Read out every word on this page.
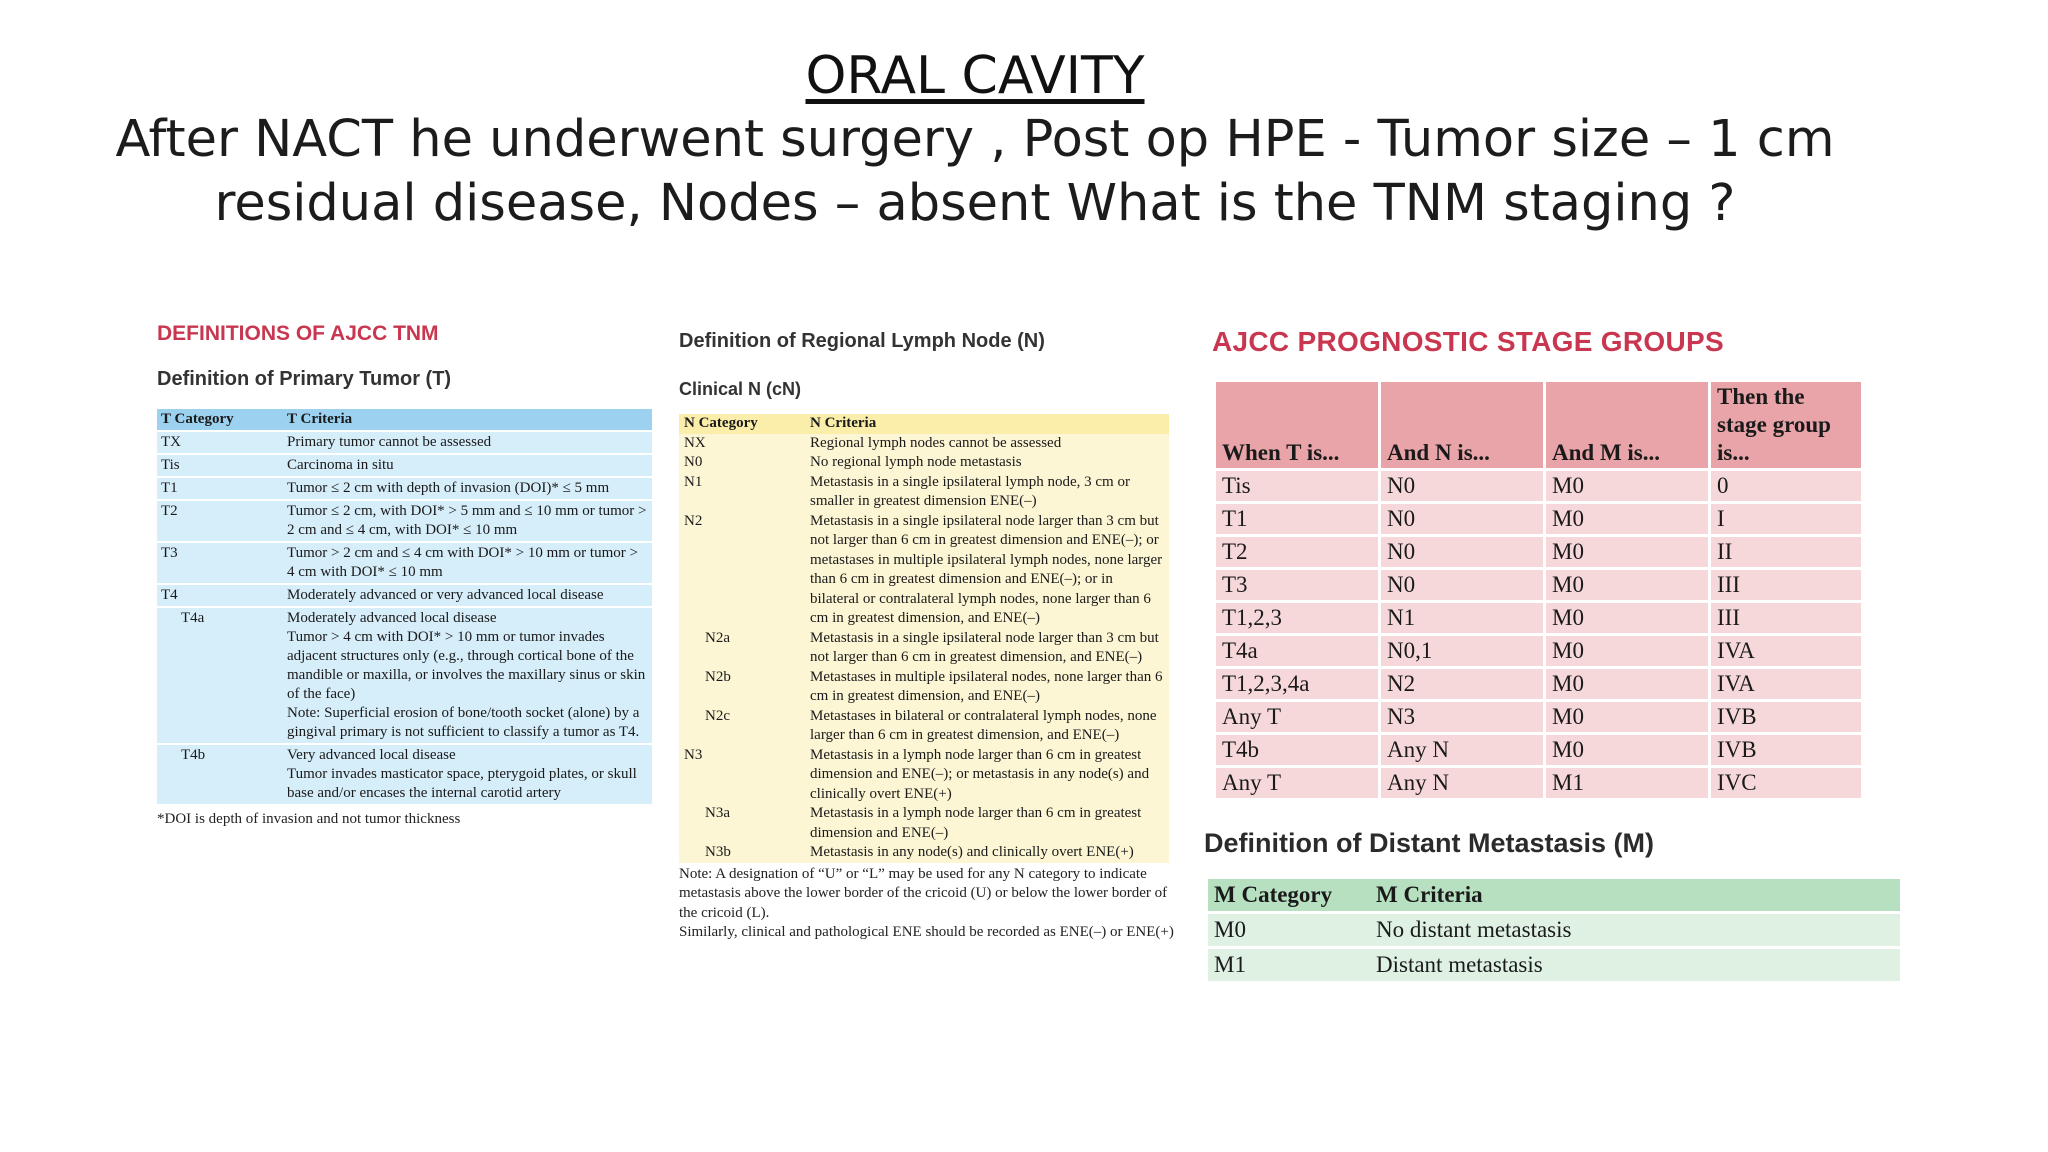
ORAL CAVITY
After NACT he underwent surgery , Post op HPE - Tumor size – 1 cm residual disease, Nodes – absent What is the TNM staging ?
DEFINITIONS OF AJCC TNM
Definition of Primary Tumor (T)
T Category	T Criteria
TX	Primary tumor cannot be assessed
Tis	Carcinoma in situ
T1	Tumor ≤ 2 cm with depth of invasion (DOI)* ≤ 5 mm
T2	Tumor ≤ 2 cm, with DOI* > 5 mm and ≤ 10 mm or tumor > 2 cm and ≤ 4 cm, with DOI* ≤ 10 mm
T3	Tumor > 2 cm and ≤ 4 cm with DOI* > 10 mm or tumor > 4 cm with DOI* ≤ 10 mm
T4	Moderately advanced or very advanced local disease
T4a	Moderately advanced local disease
Tumor > 4 cm with DOI* > 10 mm or tumor invades adjacent structures only (e.g., through cortical bone of the mandible or maxilla, or involves the maxillary sinus or skin of the face)
Note: Superficial erosion of bone/tooth socket (alone) by a gingival primary is not sufficient to classify a tumor as T4.
T4b	Very advanced local disease
Tumor invades masticator space, pterygoid plates, or skull base and/or encases the internal carotid artery
*DOI is depth of invasion and not tumor thickness
Definition of Regional Lymph Node (N)
Clinical N (cN)
N Category	N Criteria
NX	Regional lymph nodes cannot be assessed
N0	No regional lymph node metastasis
N1	Metastasis in a single ipsilateral lymph node, 3 cm or smaller in greatest dimension ENE(–)
N2	Metastasis in a single ipsilateral node larger than 3 cm but not larger than 6 cm in greatest dimension and ENE(–); or metastases in multiple ipsilateral lymph nodes, none larger than 6 cm in greatest dimension and ENE(–); or in bilateral or contralateral lymph nodes, none larger than 6 cm in greatest dimension, and ENE(–)
N2a	Metastasis in a single ipsilateral node larger than 3 cm but not larger than 6 cm in greatest dimension, and ENE(–)
N2b	Metastases in multiple ipsilateral nodes, none larger than 6 cm in greatest dimension, and ENE(–)
N2c	Metastases in bilateral or contralateral lymph nodes, none larger than 6 cm in greatest dimension, and ENE(–)
N3	Metastasis in a lymph node larger than 6 cm in greatest dimension and ENE(–); or metastasis in any node(s) and clinically overt ENE(+)
N3a	Metastasis in a lymph node larger than 6 cm in greatest dimension and ENE(–)
N3b	Metastasis in any node(s) and clinically overt ENE(+)
Note: A designation of “U” or “L” may be used for any N category to indicate metastasis above the lower border of the cricoid (U) or below the lower border of the cricoid (L).
Similarly, clinical and pathological ENE should be recorded as ENE(–) or ENE(+)
AJCC PROGNOSTIC STAGE GROUPS
When T is...	And N is...	And M is...	Then the stage group is...
Tis	N0	M0	0
T1	N0	M0	I
T2	N0	M0	II
T3	N0	M0	III
T1,2,3	N1	M0	III
T4a	N0,1	M0	IVA
T1,2,3,4a	N2	M0	IVA
Any T	N3	M0	IVB
T4b	Any N	M0	IVB
Any T	Any N	M1	IVC
Definition of Distant Metastasis (M)
M Category	M Criteria
M0	No distant metastasis
M1	Distant metastasis
